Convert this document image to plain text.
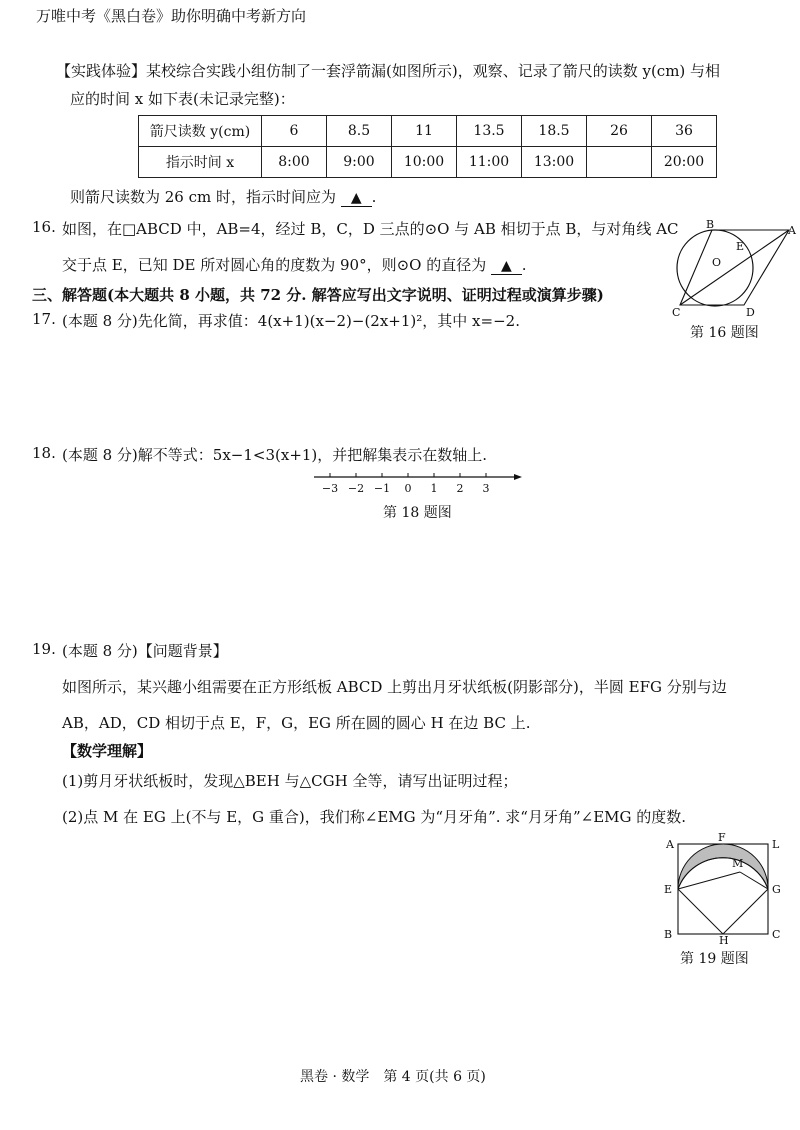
万唯中考《黑白卷》助你明确中考新方向
【实践体验】某校综合实践小组仿制了一套浮箭漏(如图所示)，观察、记录了箭尺的读数 y(cm) 与相
应的时间 x 如下表(未记录完整)：
箭尺读数 y(cm)	6	8.5	11	13.5	18.5	26	36
指示时间 x	8:00	9:00	10:00	11:00	13:00		20:00
则箭尺读数为 26 cm 时，指示时间应为 ▲ .
16. 如图，在□ABCD 中，AB=4，经过 B，C，D 三点的⊙O 与 AB 相切于点 B，与对角线 AC
交于点 E，已知 DE 所对圆心角的度数为 90°，则⊙O 的直径为 ▲ .
B
E
O
C	D
A
第 16 题图
三、解答题(本大题共 8 小题，共 72 分. 解答应写出文字说明、证明过程或演算步骤)
17. (本题 8 分)先化简，再求值：4(x+1)(x−2)−(2x+1)²，其中 x=−2.
18. (本题 8 分)解不等式：5x−1<3(x+1)，并把解集表示在数轴上.
−3 −2 −1 0 1 2 3
第 18 题图
19. (本题 8 分)【问题背景】
如图所示，某兴趣小组需要在正方形纸板 ABCD 上剪出月牙状纸板(阴影部分)，半圆 EFG 分别与边
AB，AD，CD 相切于点 E，F，G，EG 所在圆的圆心 H 在边 BC 上.
【数学理解】
(1)剪月牙状纸板时，发现△BEH 与△CGH 全等，请写出证明过程；
(2)点 M 在 EG 上(不与 E，G 重合)，我们称∠EMG 为“月牙角”. 求“月牙角”∠EMG 的度数.
A
F
L
M
E	G
B	H	C
第 19 题图
黑卷 · 数学　第 4 页(共 6 页)
